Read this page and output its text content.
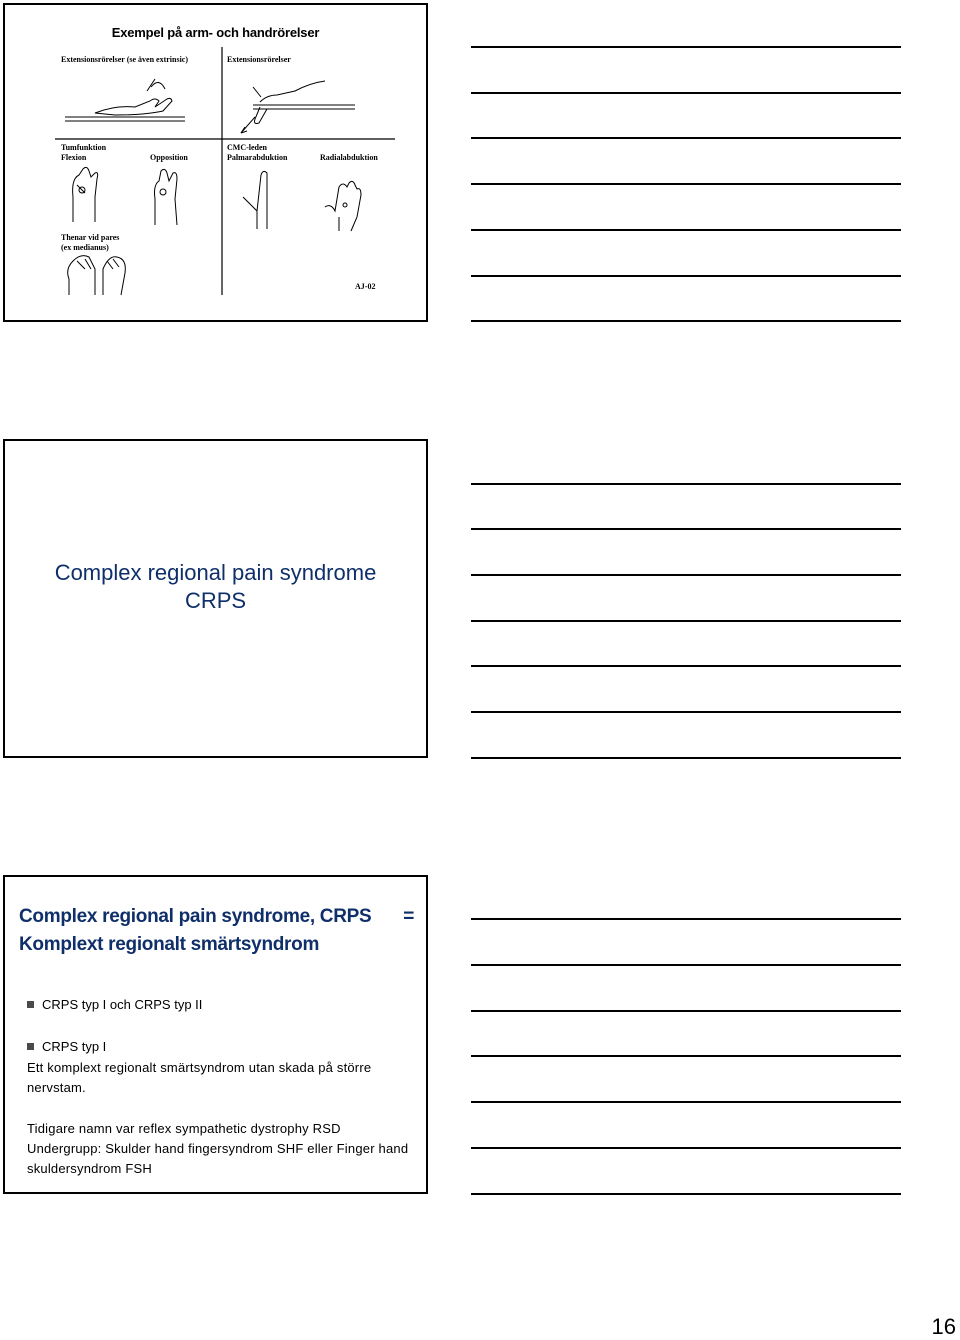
Exempel på arm- och handrörelser
Extensionsrörelser (se även extrinsic)	Extensionsrörelser
Tumfunktion
Flexion	Opposition
CMC-leden
Palmarabduktion	Radialabduktion
Thenar vid pares
(ex medianus)
AJ-02
Complex regional pain syndrome
CRPS
Complex regional pain syndrome, CRPS =
Komplext regionalt smärtsyndrom
CRPS typ I och CRPS typ II
CRPS typ I
Ett komplext regionalt smärtsyndrom utan skada på större nervstam.
Tidigare namn var reflex sympathetic dystrophy RSD Undergrupp: Skulder hand fingersyndrom SHF eller Finger hand skuldersyndrom FSH
16
